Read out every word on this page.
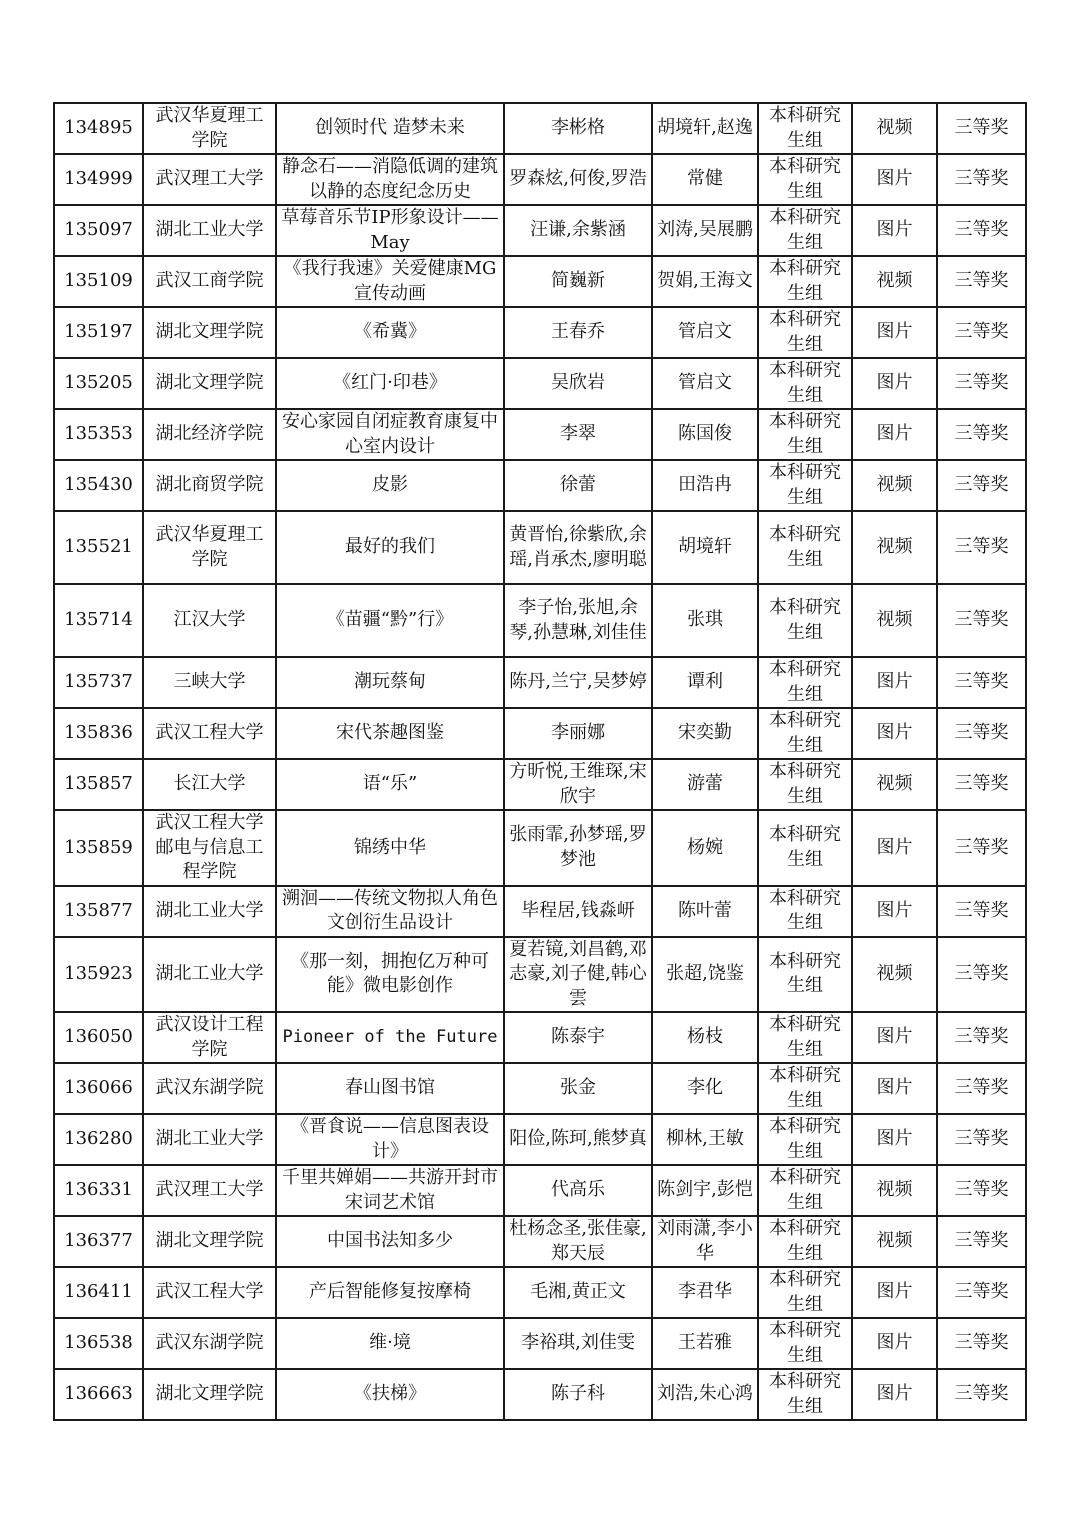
134895	武汉华夏理工学院	创领时代 造梦未来	李彬格	胡境轩,赵逸	本科研究生组	视频	三等奖
134999	武汉理工大学	静念石——消隐低调的建筑以静的态度纪念历史	罗森炫,何俊,罗浩	常健	本科研究生组	图片	三等奖
135097	湖北工业大学	草莓音乐节IP形象设计——May	汪谦,余紫涵	刘涛,吴展鹏	本科研究生组	图片	三等奖
135109	武汉工商学院	《我行我速》关爱健康MG宣传动画	简巍新	贺娟,王海文	本科研究生组	视频	三等奖
135197	湖北文理学院	《希冀》	王春乔	管启文	本科研究生组	图片	三等奖
135205	湖北文理学院	《红门·印巷》	吴欣岩	管启文	本科研究生组	图片	三等奖
135353	湖北经济学院	安心家园自闭症教育康复中心室内设计	李翠	陈国俊	本科研究生组	图片	三等奖
135430	湖北商贸学院	皮影	徐蕾	田浩冉	本科研究生组	视频	三等奖
135521	武汉华夏理工学院	最好的我们	黄晋怡,徐紫欣,余瑶,肖承杰,廖明聪	胡境轩	本科研究生组	视频	三等奖
135714	江汉大学	《苗疆“黔”行》	李子怡,张旭,余琴,孙慧琳,刘佳佳	张琪	本科研究生组	视频	三等奖
135737	三峡大学	潮玩蔡甸	陈丹,兰宁,吴梦婷	谭利	本科研究生组	图片	三等奖
135836	武汉工程大学	宋代茶趣图鉴	李丽娜	宋奕勤	本科研究生组	图片	三等奖
135857	长江大学	语“乐”	方昕悦,王维琛,宋欣宇	游蕾	本科研究生组	视频	三等奖
135859	武汉工程大学邮电与信息工程学院	锦绣中华	张雨霏,孙梦瑶,罗梦池	杨婉	本科研究生组	图片	三等奖
135877	湖北工业大学	溯洄——传统文物拟人角色文创衍生品设计	毕程居,钱淼岍	陈叶蕾	本科研究生组	图片	三等奖
135923	湖北工业大学	《那一刻，拥抱亿万种可能》微电影创作	夏若镜,刘昌鹤,邓志豪,刘子健,韩心雲	张超,饶鉴	本科研究生组	视频	三等奖
136050	武汉设计工程学院	Pioneer of the Future	陈泰宇	杨枝	本科研究生组	图片	三等奖
136066	武汉东湖学院	春山图书馆	张金	李化	本科研究生组	图片	三等奖
136280	湖北工业大学	《晋食说——信息图表设计》	阳俭,陈珂,熊梦真	柳林,王敏	本科研究生组	图片	三等奖
136331	武汉理工大学	千里共婵娟——共游开封市宋词艺术馆	代高乐	陈剑宇,彭恺	本科研究生组	视频	三等奖
136377	湖北文理学院	中国书法知多少	杜杨念圣,张佳豪,郑天辰	刘雨潇,李小华	本科研究生组	视频	三等奖
136411	武汉工程大学	产后智能修复按摩椅	毛湘,黄正文	李君华	本科研究生组	图片	三等奖
136538	武汉东湖学院	维·境	李裕琪,刘佳雯	王若雅	本科研究生组	图片	三等奖
136663	湖北文理学院	《扶梯》	陈子科	刘浩,朱心鸿	本科研究生组	图片	三等奖
